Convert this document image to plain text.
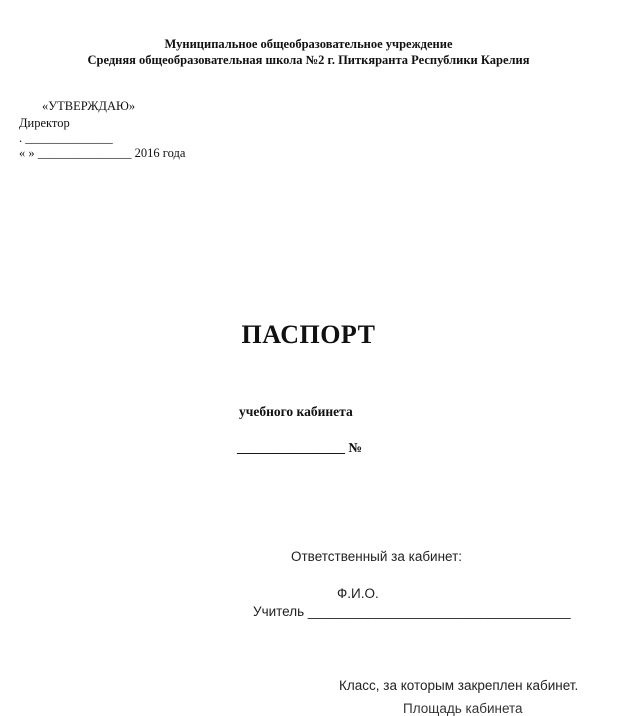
Муниципальное общеобразовательное учреждение
Средняя общеобразовательная школа №2 г. Питкяранта Республики Карелия
«УТВЕРЖДАЮ»
Директор
. ______________
« » _______________ 2016 года
ПАСПОРТ
учебного кабинета
________________ №
Ответственный за кабинет:
Ф.И.О.
Учитель ___________________________________
Класс, за которым закреплен кабинет.
Площадь кабинета
